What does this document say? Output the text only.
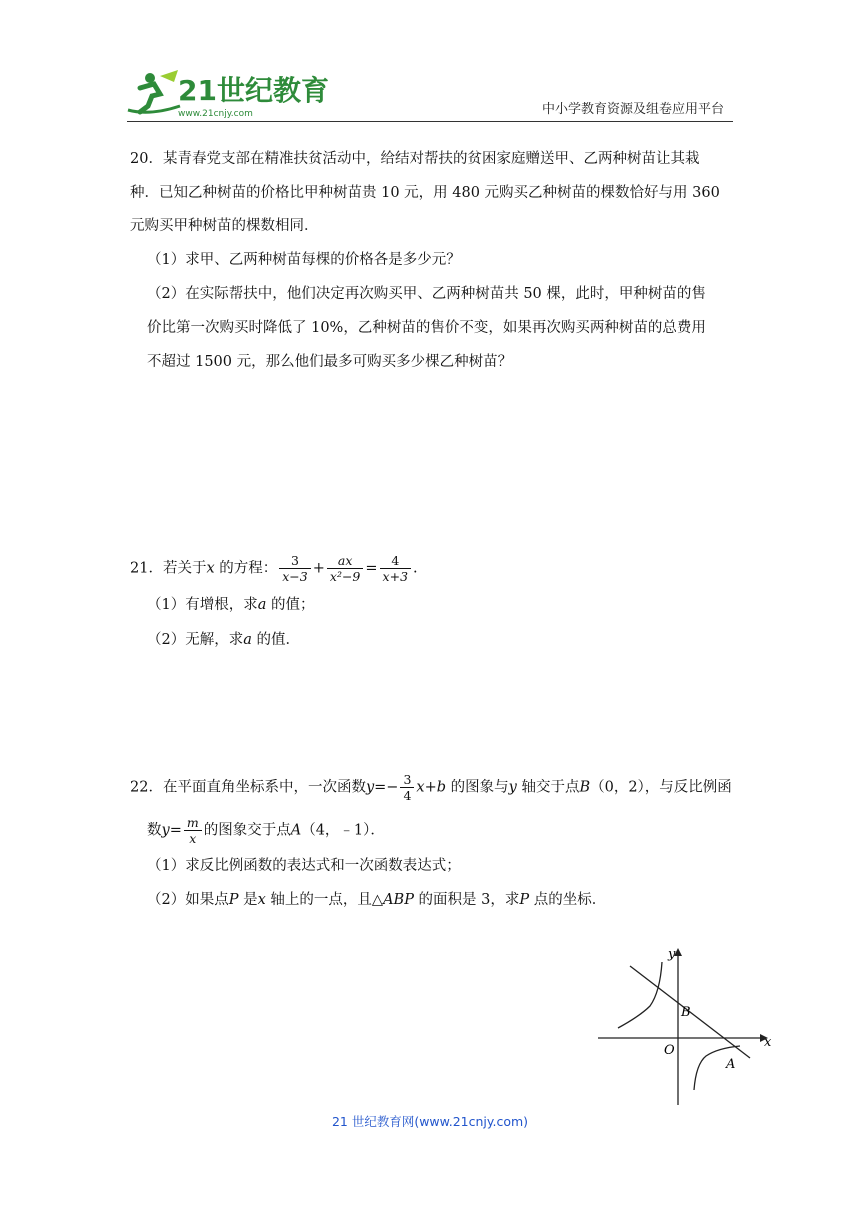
21世纪教育
www.21cnjy.com	中小学教育资源及组卷应用平台
20．某青春党支部在精准扶贫活动中，给结对帮扶的贫困家庭赠送甲、乙两种树苗让其栽
种．已知乙种树苗的价格比甲种树苗贵 10 元，用 480 元购买乙种树苗的棵数恰好与用 360
元购买甲种树苗的棵数相同．
（1）求甲、乙两种树苗每棵的价格各是多少元？
（2）在实际帮扶中，他们决定再次购买甲、乙两种树苗共 50 棵，此时，甲种树苗的售
价比第一次购买时降低了 10%，乙种树苗的售价不变，如果再次购买两种树苗的总费用
不超过 1500 元，那么他们最多可购买多少棵乙种树苗？
21．若关于x 的方程： $\frac{3}{x-3} + \frac{ax}{\text{x²−9}} = \frac{4}{x+3}$ .
（1）有增根，求a 的值；
（2）无解，求a 的值．
22．在平面直角坐标系中，一次函数$y=- \frac{3}{4} x+b$ 的图象与y 轴交于点B（0，2），与反比例函
数$y= \frac{m}{x}$ 的图象交于点A（4，﹣1）．
（1）求反比例函数的表达式和一次函数表达式；
（2）如果点P 是x 轴上的一点，且△ABP 的面积是 3，求P 点的坐标．
y
x
B
O
A
21 世纪教育网(www.21cnjy.com)
